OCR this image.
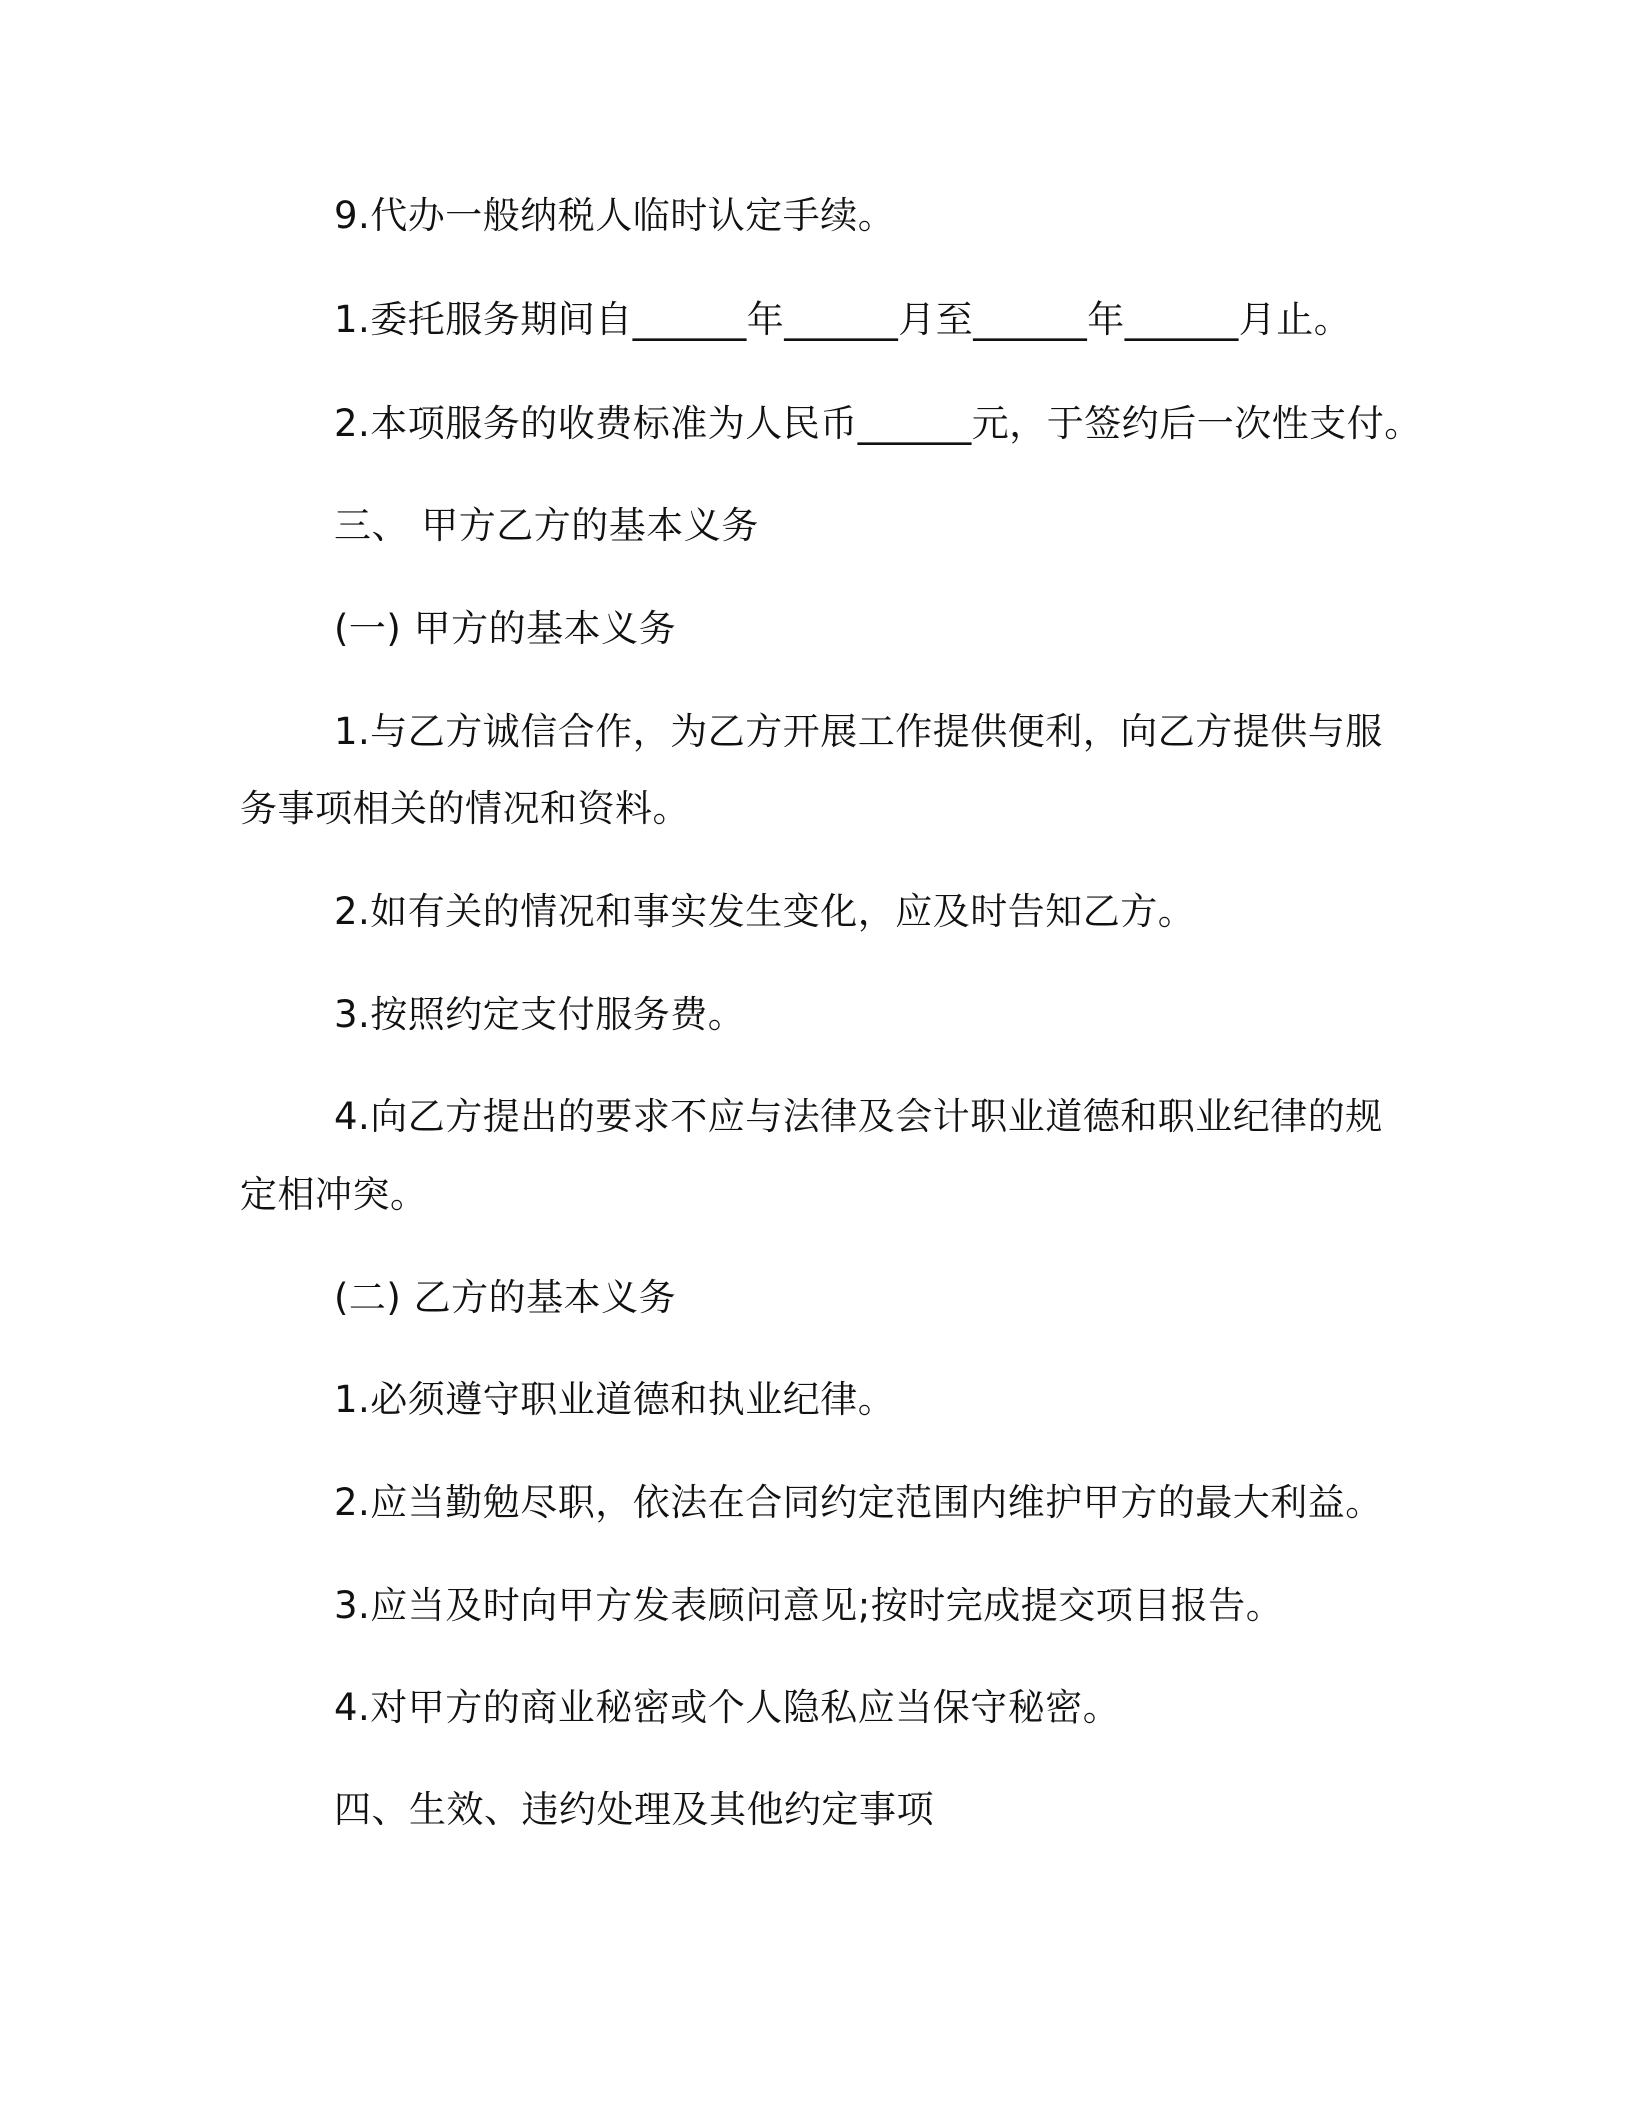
9.代办一般纳税人临时认定手续。

1.委托服务期间自______年______月至______年______月止。

2.本项服务的收费标准为人民币______元，于签约后一次性支付。

三、 甲方乙方的基本义务

(一) 甲方的基本义务

1.与乙方诚信合作，为乙方开展工作提供便利，向乙方提供与服

务事项相关的情况和资料。

2.如有关的情况和事实发生变化，应及时告知乙方。

3.按照约定支付服务费。

4.向乙方提出的要求不应与法律及会计职业道德和职业纪律的规

定相冲突。

(二) 乙方的基本义务

1.必须遵守职业道德和执业纪律。

2.应当勤勉尽职，依法在合同约定范围内维护甲方的最大利益。

3.应当及时向甲方发表顾问意见;按时完成提交项目报告。

4.对甲方的商业秘密或个人隐私应当保守秘密。

四、生效、违约处理及其他约定事项
